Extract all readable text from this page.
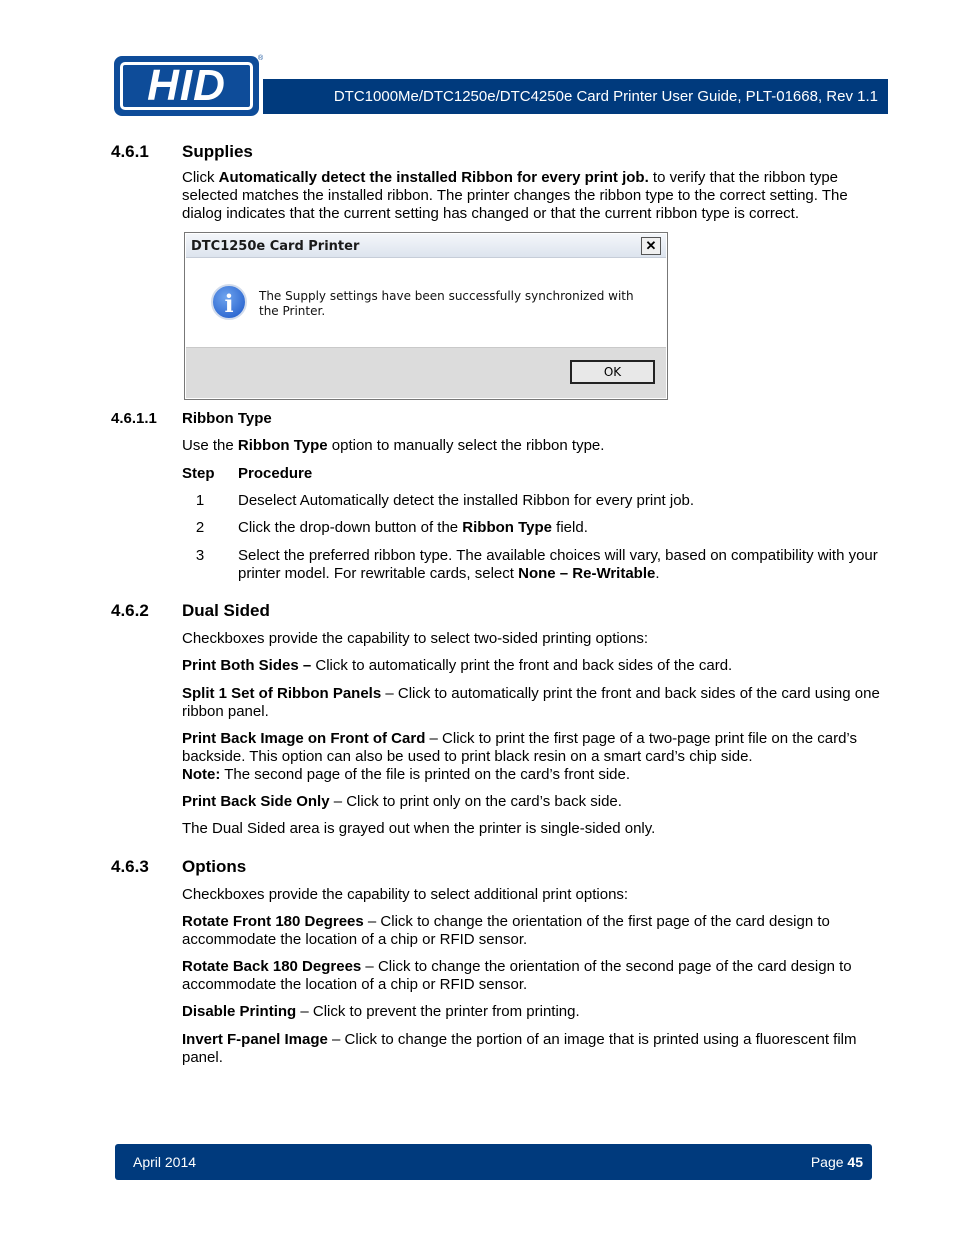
HID
®
DTC1000Me/DTC1250e/DTC4250e Card Printer User Guide, PLT-01668, Rev 1.1
4.6.1 Supplies

Click Automatically detect the installed Ribbon for every print job. to verify that the ribbon type selected matches the installed ribbon. The printer changes the ribbon type to the correct setting. The dialog indicates that the current setting has changed or that the current ribbon type is correct.

DTC1250e Card Printer	✕
i	The Supply settings have been successfully synchronized with the Printer.
OK
4.6.1.1 Ribbon Type

Use the Ribbon Type option to manually select the ribbon type.

Step Procedure
1	Deselect Automatically detect the installed Ribbon for every print job.

2	Click the drop-down button of the Ribbon Type field.

3	Select the preferred ribbon type. The available choices will vary, based on compatibility with your printer model. For rewritable cards, select None – Re-Writable.

4.6.2 Dual Sided

Checkboxes provide the capability to select two-sided printing options:

Print Both Sides – Click to automatically print the front and back sides of the card.

Split 1 Set of Ribbon Panels – Click to automatically print the front and back sides of the card using one ribbon panel.

Print Back Image on Front of Card – Click to print the first page of a two-page print file on the card’s backside. This option can also be used to print black resin on a smart card’s chip side.
Note: The second page of the file is printed on the card’s front side.

Print Back Side Only – Click to print only on the card’s back side.

The Dual Sided area is grayed out when the printer is single-sided only.

4.6.3 Options

Checkboxes provide the capability to select additional print options:

Rotate Front 180 Degrees – Click to change the orientation of the first page of the card design to accommodate the location of a chip or RFID sensor.

Rotate Back 180 Degrees – Click to change the orientation of the second page of the card design to accommodate the location of a chip or RFID sensor.

Disable Printing – Click to prevent the printer from printing.

Invert F-panel Image – Click to change the portion of an image that is printed using a fluorescent film panel.

April 2014	Page 45
